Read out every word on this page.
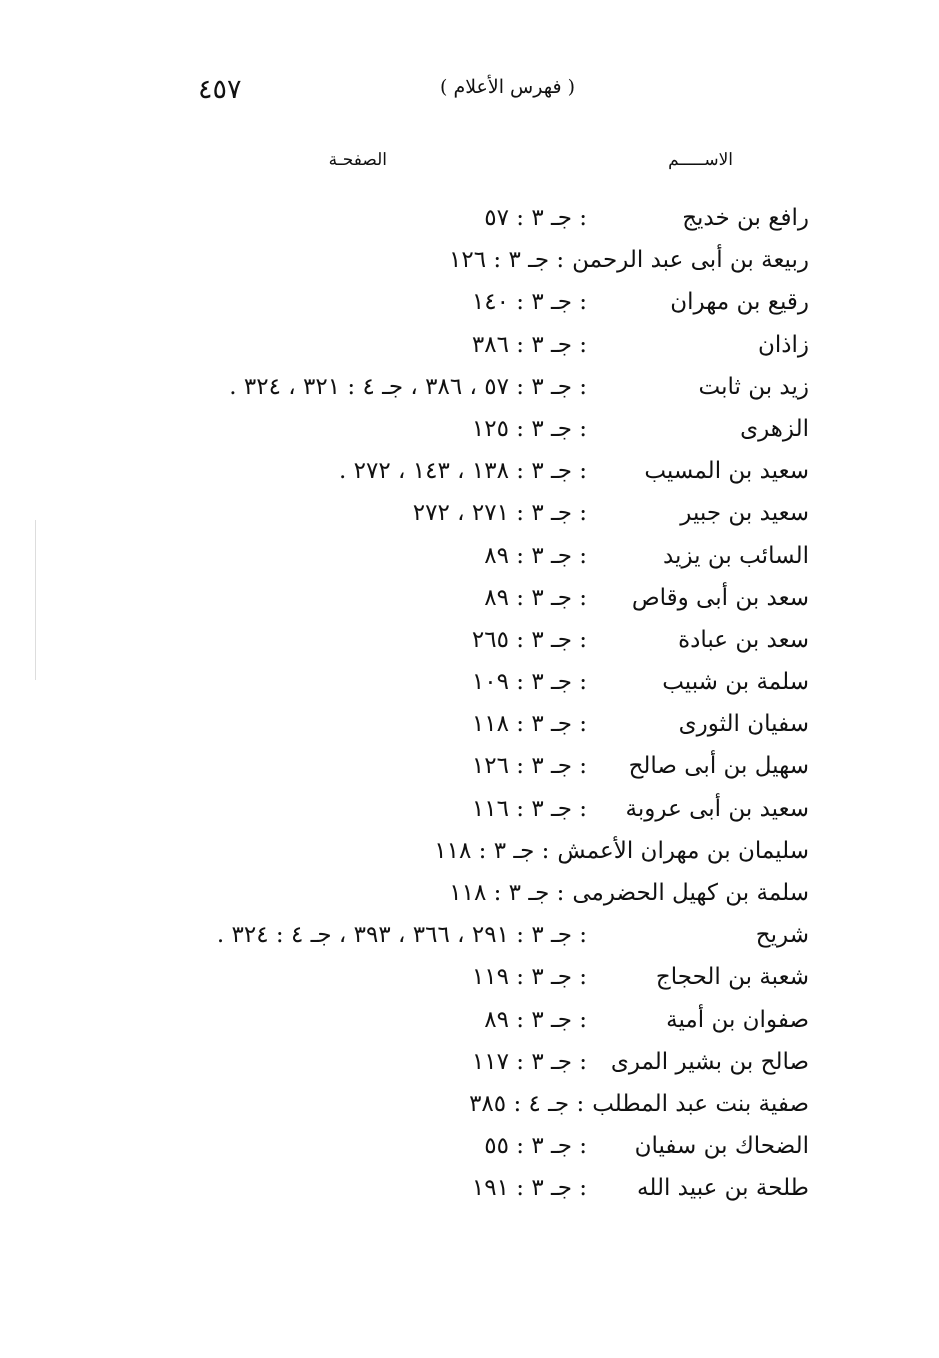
٤٥٧	( فهرس الأعلام )
الاســـــم
الصفحـة
رافع بن خديج
: جـ ٣ : ٥٧
ربيعة بن أبى عبد الرحمن
: جـ ٣ : ١٢٦
رقيع بن مهران
: جـ ٣ : ١٤٠
زاذان
: جـ ٣ : ٣٨٦
زيد بن ثابت
: جـ ٣ : ٥٧ ، ٣٨٦ ، جـ ٤ : ٣٢١ ، ٣٢٤ .
الزهرى
: جـ ٣ : ١٢٥
سعيد بن المسيب
: جـ ٣ : ١٣٨ ، ١٤٣ ، ٢٧٢ .
سعيد بن جبير
: جـ ٣ : ٢٧١ ، ٢٧٢
السائب بن يزيد
: جـ ٣ : ٨٩
سعد بن أبى وقاص
: جـ ٣ : ٨٩
سعد بن عبادة
: جـ ٣ : ٢٦٥
سلمة بن شبيب
: جـ ٣ : ١٠٩
سفيان الثورى
: جـ ٣ : ١١٨
سهيل بن أبى صالح
: جـ ٣ : ١٢٦
سعيد بن أبى عروبة
: جـ ٣ : ١١٦
سليمان بن مهران الأعمش
: جـ ٣ : ١١٨
سلمة بن كهيل الحضرمى
: جـ ٣ : ١١٨
شريح
: جـ ٣ : ٢٩١ ، ٣٦٦ ، ٣٩٣ ، جـ ٤ : ٣٢٤ .
شعبة بن الحجاج
: جـ ٣ : ١١٩
صفوان بن أمية
: جـ ٣ : ٨٩
صالح بن بشير المرى
: جـ ٣ : ١١٧
صفية بنت عبد المطلب
: جـ ٤ : ٣٨٥
الضحاك بن سفيان
: جـ ٣ : ٥٥
طلحة بن عبيد الله
: جـ ٣ : ١٩١
